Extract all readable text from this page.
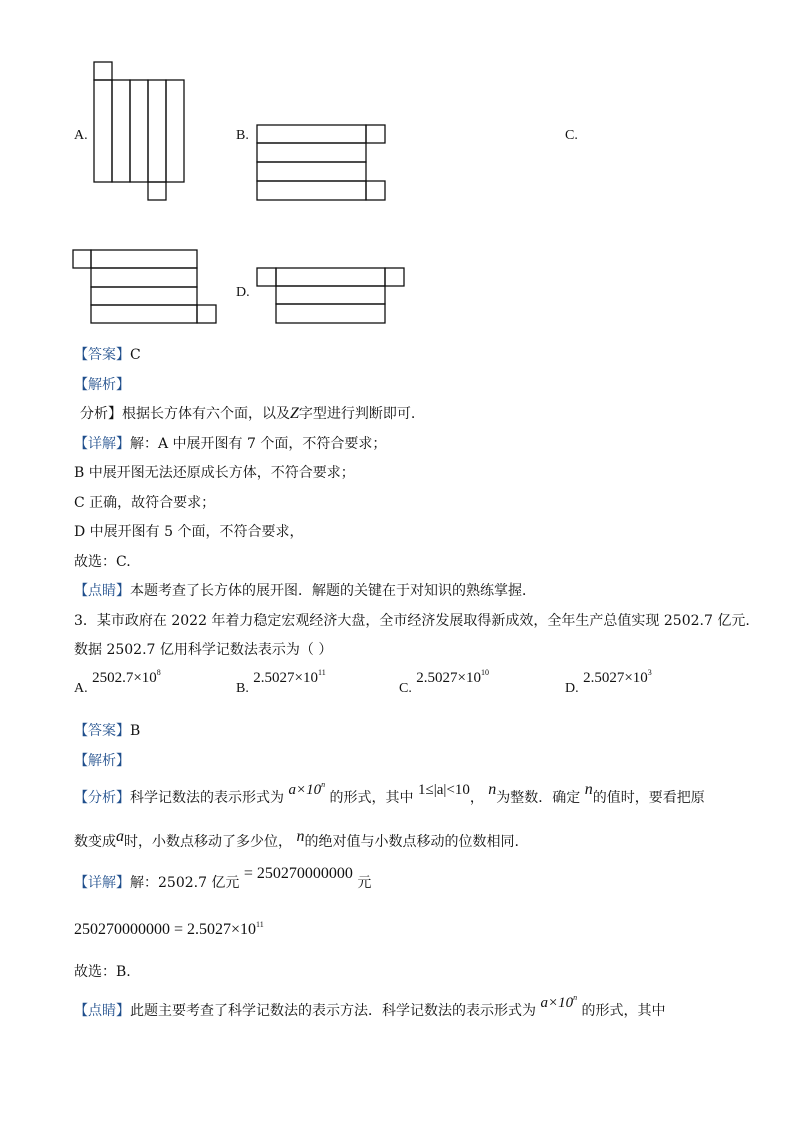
A.	B.	C.
D.
【答案】C
【解析】
分析】根据长方体有六个面，以及Z字型进行判断即可.
【详解】解：A 中展开图有 7 个面，不符合要求；
B 中展开图无法还原成长方体，不符合要求；
C 正确，故符合要求；
D 中展开图有 5 个面，不符合要求，
故选：C.
【点睛】本题考查了长方体的展开图．解题的关键在于对知识的熟练掌握．
3．某市政府在 2022 年着力稳定宏观经济大盘，全市经济发展取得新成效，全年生产总值实现 2502.7 亿元.
数据 2502.7 亿用科学记数法表示为（ ）
A. $2502.7\times 10^8$
B. $2.5027\times 10^{11}$
C. $2.5027\times 10^{10}$
D. $2.5027\times 10^3$
【答案】B
【解析】
【分析】科学记数法的表示形式为 $a\times 10^n$ 的形式，其中 1≤|a|<10， n为整数．确定 n的值时，要看把原
数变成a时，小数点移动了多少位， n的绝对值与小数点移动的位数相同.
【详解】解：2502.7 亿元 = 250270000000 元
$250270000000 = 2.5027\times 10^{11}$
故选：B.
【点睛】此题主要考查了科学记数法的表示方法．科学记数法的表示形式为 $a\times 10^n$ 的形式，其中
